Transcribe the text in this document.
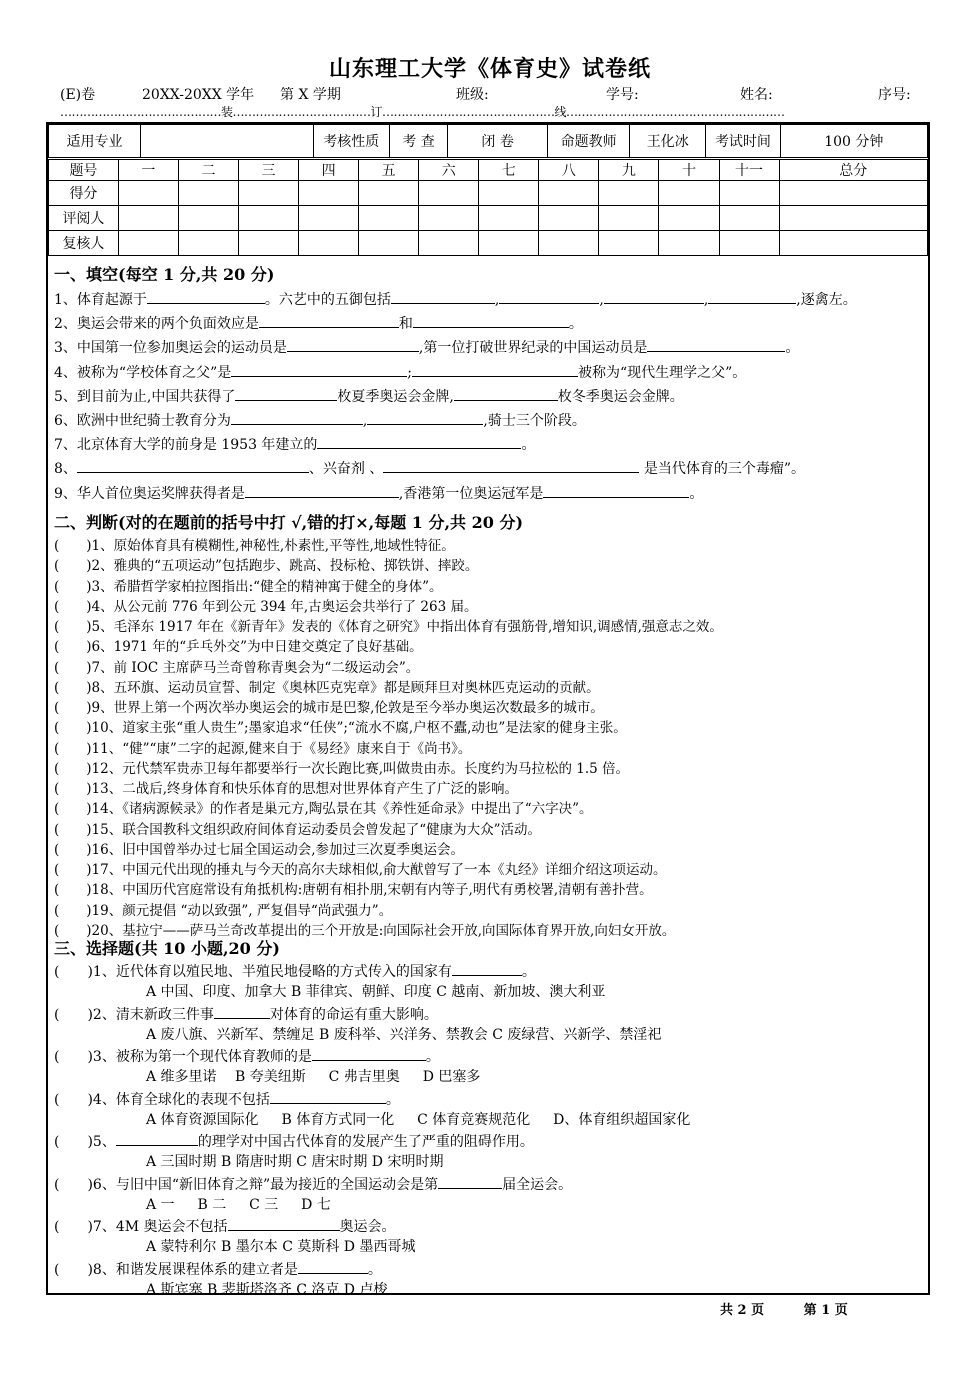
山东理工大学《体育史》试卷纸
(E)卷	20XX-20XX 学年 第 X 学期	班级:	学号:	姓名:	序号:
……………………………………装………………………………订………………………………………线…………………………………………………
适用专业		考核性质	考 查	闭 卷	命题教师	王化冰	考试时间	100 分钟
题号	一	二	三	四	五	六	七	八	九	十	十一	总分
得分												
评阅人												
复核人												
一、填空(每空 1 分,共 20 分)
1、体育起源于	。六艺中的五御包括	,	,	,	,逐禽左。
2、奥运会带来的两个负面效应是	和	。
3、中国第一位参加奥运会的运动员是	,第一位打破世界纪录的中国运动员是	。
4、被称为“学校体育之父”是	;	被称为“现代生理学之父”。
5、到目前为止,中国共获得了	枚夏季奥运会金牌,	枚冬季奥运会金牌。
6、欧洲中世纪骑士教育分为	,	,骑士三个阶段。
7、北京体育大学的前身是 1953 年建立的	。
8、	、兴奋剂 、	是当代体育的三个毒瘤”。
9、华人首位奥运奖牌获得者是	,香港第一位奥运冠军是	。
二、判断(对的在题前的括号中打 √,错的打×,每题 1 分,共 20 分)
(　　)1、原始体育具有模糊性,神秘性,朴素性,平等性,地域性特征。
(　　)2、雅典的“五项运动”包括跑步、跳高、投标枪、掷铁饼、摔跤。
(　　)3、希腊哲学家柏拉图指出:“健全的精神寓于健全的身体”。
(　　)4、从公元前 776 年到公元 394 年,古奥运会共举行了 263 届。
(　　)5、毛泽东 1917 年在《新青年》发表的《体育之研究》中指出体育有强筋骨,增知识,调感情,强意志之效。
(　　)6、1971 年的“乒乓外交”为中日建交奠定了良好基础。
(　　)7、前 IOC 主席萨马兰奇曾称青奥会为“二级运动会”。
(　　)8、五环旗、运动员宣誓、制定《奥林匹克宪章》都是顾拜旦对奥林匹克运动的贡献。
(　　)9、世界上第一个两次举办奥运会的城市是巴黎,伦敦是至今举办奥运次数最多的城市。
(　　)10、道家主张“重人贵生”;墨家追求“任侠”;“流水不腐,户枢不蠹,动也”是法家的健身主张。
(　　)11、“健”“康”二字的起源,健来自于《易经》康来自于《尚书》。
(　　)12、元代禁军贵赤卫每年都要举行一次长跑比赛,叫做贵由赤。长度约为马拉松的 1.5 倍。
(　　)13、二战后,终身体育和快乐体育的思想对世界体育产生了广泛的影响。
(　　)14、《诸病源候录》的作者是巢元方,陶弘景在其《养性延命录》中提出了“六字决”。
(　　)15、联合国教科文组织政府间体育运动委员会曾发起了“健康为大众”活动。
(　　)16、旧中国曾举办过七届全国运动会,参加过三次夏季奥运会。
(　　)17、中国元代出现的捶丸与今天的高尔夫球相似,俞大猷曾写了一本《丸经》详细介绍这项运动。
(　　)18、中国历代宫庭常设有角抵机构:唐朝有相扑朋,宋朝有内等子,明代有勇校署,清朝有善扑营。
(　　)19、颜元提倡 “动以致强”, 严复倡导“尚武强力”。
(　　)20、基拉宁——萨马兰奇改革提出的三个开放是:向国际社会开放,向国际体育界开放,向妇女开放。
三、选择题(共 10 小题,20 分)
(　　)1、近代体育以殖民地、半殖民地侵略的方式传入的国家有	。
A 中国、印度、加拿大 B 菲律宾、朝鲜、印度 C 越南、新加坡、澳大利亚
(　　)2、清末新政三件事	对体育的命运有重大影响。
A 废八旗、兴新军、禁缠足 B 废科举、兴洋务、禁教会 C 废绿营、兴新学、禁淫祀
(　　)3、被称为第一个现代体育教师的是	。
A 维多里诺 　B 夸美纽斯 　 C 弗吉里奥 　 D 巴塞多
(　　)4、体育全球化的表现不包括	。
A 体育资源国际化 　 B 体育方式同一化 　 C 体育竞赛规范化 　 D、体育组织超国家化
(　　)5、	的理学对中国古代体育的发展产生了严重的阻碍作用。
A 三国时期 B 隋唐时期 C 唐宋时期 D 宋明时期
(　　)6、与旧中国“新旧体育之辩”最为接近的全国运动会是第	届全运会。
A 一 　 B 二 　 C 三 　 D 七
(　　)7、4M 奥运会不包括	奥运会。
A 蒙特利尔 B 墨尔本 C 莫斯科 D 墨西哥城
(　　)8、和谐发展课程体系的建立者是	。
A 斯宾塞 B 裴斯塔洛齐 C 洛克 D 卢梭
共 2 页 　 　 第 1 页
